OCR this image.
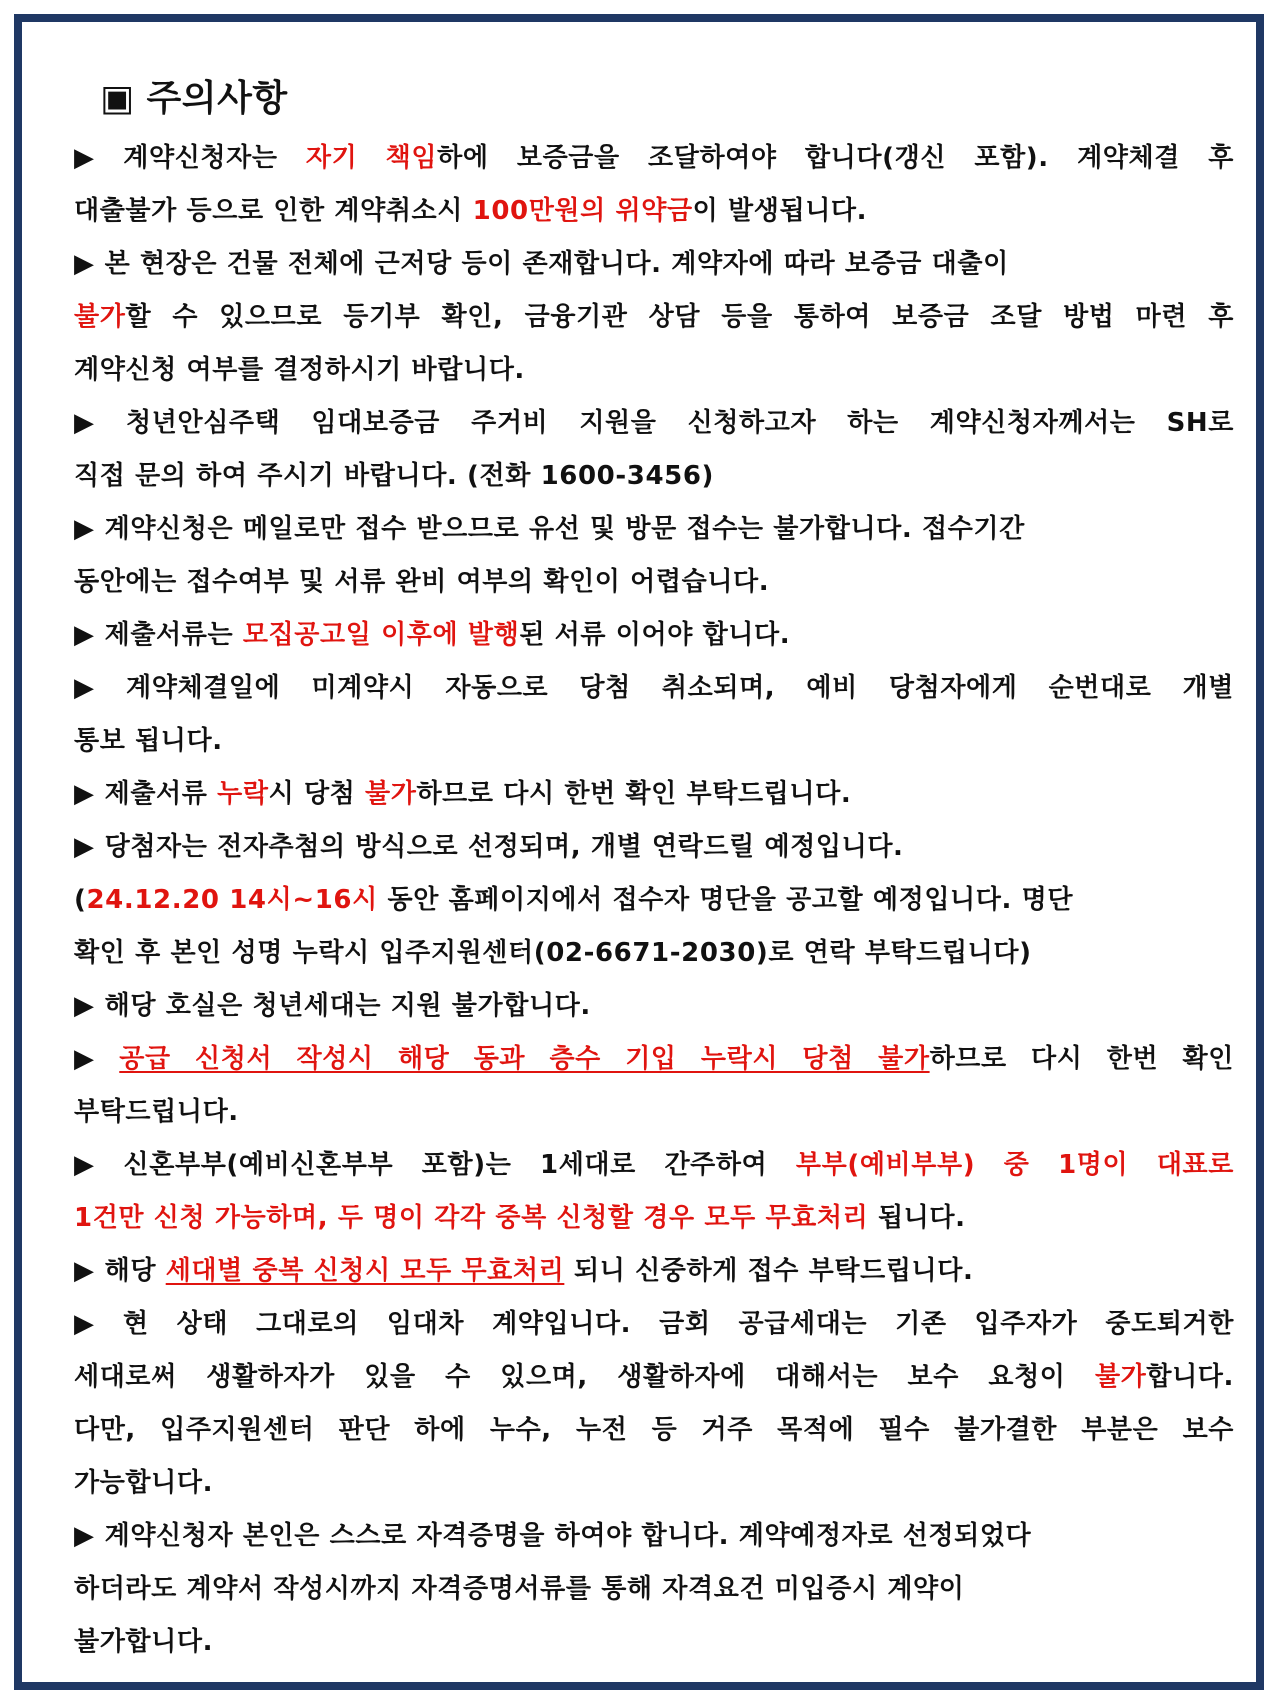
▣ 주의사항
▶ 계약신청자는 자기 책임하에 보증금을 조달하여야 합니다(갱신 포함). 계약체결 후
대출불가 등으로 인한 계약취소시 100만원의 위약금이 발생됩니다.
▶ 본 현장은 건물 전체에 근저당 등이 존재합니다. 계약자에 따라 보증금 대출이
불가할 수 있으므로 등기부 확인, 금융기관 상담 등을 통하여 보증금 조달 방법 마련 후
계약신청 여부를 결정하시기 바랍니다.
▶ 청년안심주택 임대보증금 주거비 지원을 신청하고자 하는 계약신청자께서는 SH로
직접 문의 하여 주시기 바랍니다. (전화 1600-3456)
▶ 계약신청은 메일로만 접수 받으므로 유선 및 방문 접수는 불가합니다. 접수기간
동안에는 접수여부 및 서류 완비 여부의 확인이 어렵습니다.
▶ 제출서류는 모집공고일 이후에 발행된 서류 이어야 합니다.
▶ 계약체결일에 미계약시 자동으로 당첨 취소되며, 예비 당첨자에게 순번대로 개별
통보 됩니다.
▶ 제출서류 누락시 당첨 불가하므로 다시 한번 확인 부탁드립니다.
▶ 당첨자는 전자추첨의 방식으로 선정되며, 개별 연락드릴 예정입니다.
(24.12.20 14시~16시 동안 홈페이지에서 접수자 명단을 공고할 예정입니다. 명단
확인 후 본인 성명 누락시 입주지원센터(02-6671-2030)로 연락 부탁드립니다)
▶ 해당 호실은 청년세대는 지원 불가합니다.
▶ 공급 신청서 작성시 해당 동과 층수 기입 누락시 당첨 불가하므로 다시 한번 확인
부탁드립니다.
▶ 신혼부부(예비신혼부부 포함)는 1세대로 간주하여 부부(예비부부) 중 1명이 대표로
1건만 신청 가능하며, 두 명이 각각 중복 신청할 경우 모두 무효처리 됩니다.
▶ 해당 세대별 중복 신청시 모두 무효처리 되니 신중하게 접수 부탁드립니다.
▶ 현 상태 그대로의 임대차 계약입니다. 금회 공급세대는 기존 입주자가 중도퇴거한
세대로써 생활하자가 있을 수 있으며, 생활하자에 대해서는 보수 요청이 불가합니다.
다만, 입주지원센터 판단 하에 누수, 누전 등 거주 목적에 필수 불가결한 부분은 보수
가능합니다.
▶ 계약신청자 본인은 스스로 자격증명을 하여야 합니다. 계약예정자로 선정되었다
하더라도 계약서 작성시까지 자격증명서류를 통해 자격요건 미입증시 계약이
불가합니다.
